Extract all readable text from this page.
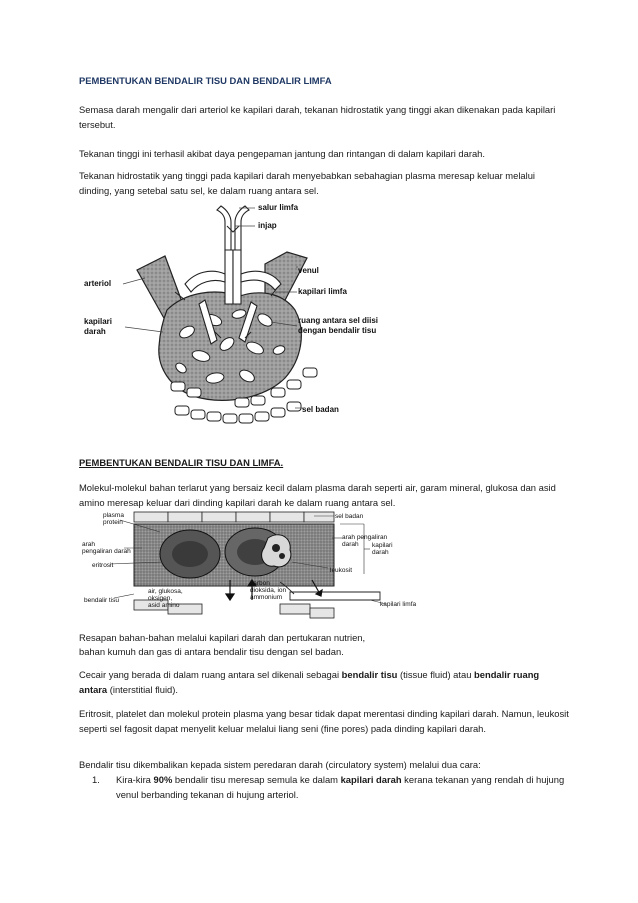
PEMBENTUKAN BENDALIR TISU DAN BENDALIR LIMFA
Semasa darah mengalir dari arteriol ke kapilari darah, tekanan hidrostatik yang tinggi akan dikenakan pada kapilari tersebut.
Tekanan tinggi ini terhasil akibat daya pengepaman jantung dan rintangan di dalam kapilari darah.
Tekanan hidrostatik yang tinggi pada kapilari darah menyebabkan sebahagian plasma meresap keluar melalui dinding, yang setebal satu sel, ke dalam ruang antara sel.
salur limfa
injap
venul
arteriol
kapilari limfa
kapilari
darah
ruang antara sel diisi
dengan bendalir tisu
sel badan
PEMBENTUKAN BENDALIR TISU DAN LIMFA.
Molekul-molekul bahan terlarut yang bersaiz kecil dalam plasma darah seperti air, garam mineral, glukosa dan asid amino meresap keluar dari dinding kapilari darah ke dalam ruang antara sel.
plasma
protein
arah
pengaliran darah
eritrosit
bendalir tisu
sel badan
arah pengaliran
darah kapilari
darah
leukosit
karbon
dioksida, ion
ammonium
air, glukosa,
oksigen,
asid amino	kapilari limfa
Resapan bahan-bahan melalui kapilari darah dan pertukaran nutrien,
bahan kumuh dan gas di antara bendalir tisu dengan sel badan.
Cecair yang berada di dalam ruang antara sel dikenali sebagai bendalir tisu (tissue fluid) atau bendalir ruang antara (interstitial fluid).
Eritrosit, platelet dan molekul protein plasma yang besar tidak dapat merentasi dinding kapilari darah. Namun, leukosit seperti sel fagosit dapat menyelit keluar melalui liang seni (fine pores) pada dinding kapilari darah.
Bendalir tisu dikembalikan kepada sistem peredaran darah (circulatory system) melalui dua cara:
1. Kira-kira 90% bendalir tisu meresap semula ke dalam kapilari darah kerana tekanan yang rendah di hujung venul berbanding tekanan di hujung arteriol.
